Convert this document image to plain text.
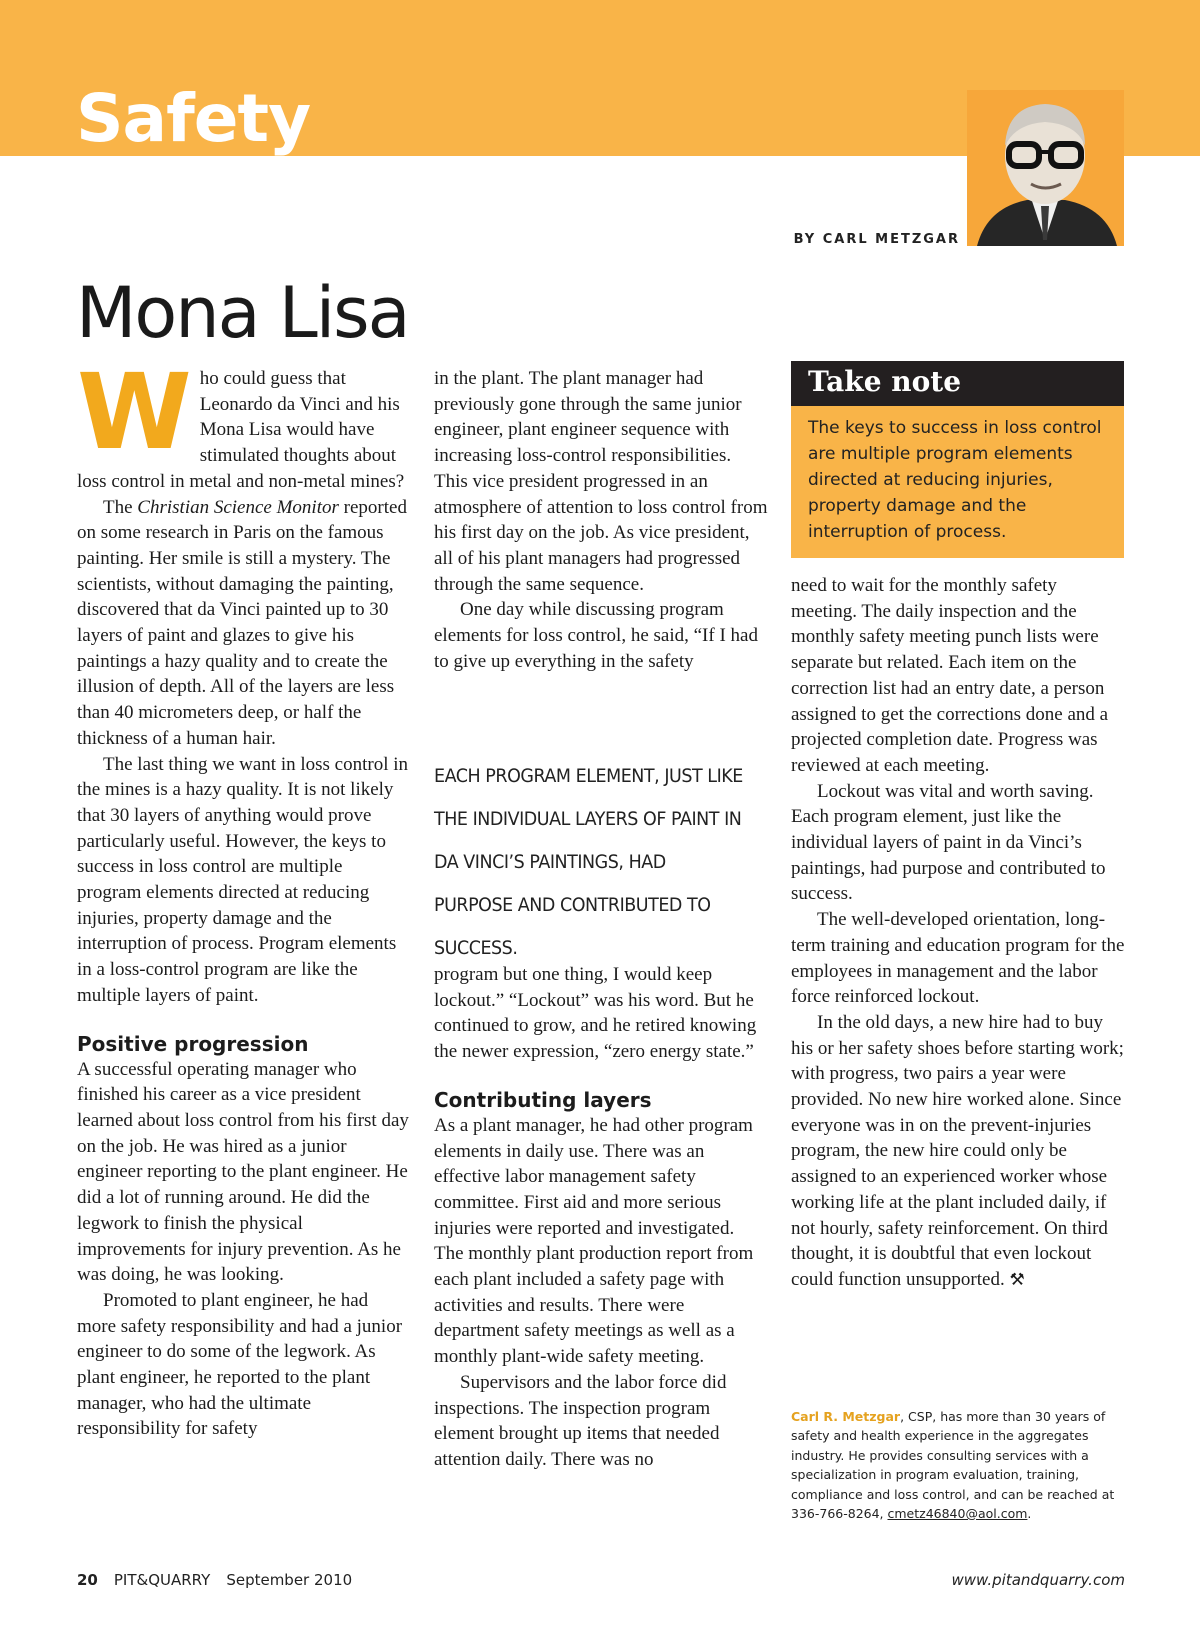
Safety
BY CARL METZGAR
Mona Lisa

Who could guess that Leonardo da Vinci and his Mona Lisa would have stimulated thoughts about loss control in metal and non-metal mines?

The Christian Science Monitor reported on some research in Paris on the famous painting. Her smile is still a mystery. The scientists, without damaging the painting, discovered that da Vinci painted up to 30 layers of paint and glazes to give his paintings a hazy quality and to create the illusion of depth. All of the layers are less than 40 micrometers deep, or half the thickness of a human hair.

The last thing we want in loss control in the mines is a hazy quality. It is not likely that 30 layers of anything would prove particularly useful. However, the keys to success in loss control are multiple program elements directed at reducing injuries, property damage and the interruption of process. Program elements in a loss-control program are like the multiple layers of paint.

Positive progression

A successful operating manager who finished his career as a vice president learned about loss control from his first day on the job. He was hired as a junior engineer reporting to the plant engineer. He did a lot of running around. He did the legwork to finish the physical improvements for injury prevention. As he was doing, he was looking.

Promoted to plant engineer, he had more safety responsibility and had a junior engineer to do some of the legwork. As plant engineer, he reported to the plant manager, who had the ultimate responsibility for safety

in the plant. The plant manager had previously gone through the same junior engineer, plant engineer sequence with increasing loss-control responsibilities. This vice president progressed in an atmosphere of attention to loss control from his first day on the job. As vice president, all of his plant managers had progressed through the same sequence.

One day while discussing program elements for loss control, he said, “If I had to give up everything in the safety

EACH PROGRAM ELEMENT, JUST LIKE THE INDIVIDUAL LAYERS OF PAINT IN DA VINCI’S PAINTINGS, HAD PURPOSE AND CONTRIBUTED TO SUCCESS.

program but one thing, I would keep lockout.” “Lockout” was his word. But he continued to grow, and he retired knowing the newer expression, “zero energy state.”

Contributing layers

As a plant manager, he had other program elements in daily use. There was an effective labor management safety committee. First aid and more serious injuries were reported and investigated. The monthly plant production report from each plant included a safety page with activities and results. There were department safety meetings as well as a monthly plant-wide safety meeting.

Supervisors and the labor force did inspections. The inspection program element brought up items that needed attention daily. There was no

Take note
The keys to success in loss control are multiple program elements directed at reducing injuries, property damage and the interruption of process.

need to wait for the monthly safety meeting. The daily inspection and the monthly safety meeting punch lists were separate but related. Each item on the correction list had an entry date, a person assigned to get the corrections done and a projected completion date. Progress was reviewed at each meeting.

Lockout was vital and worth saving. Each program element, just like the individual layers of paint in da Vinci’s paintings, had purpose and contributed to success.

The well-developed orientation, long-term training and education program for the employees in management and the labor force reinforced lockout.

In the old days, a new hire had to buy his or her safety shoes before starting work; with progress, two pairs a year were provided. No new hire worked alone. Since everyone was in on the prevent-injuries program, the new hire could only be assigned to an experienced worker whose working life at the plant included daily, if not hourly, safety reinforcement. On third thought, it is doubtful that even lockout could function unsupported. ⚒

Carl R. Metzgar, CSP, has more than 30 years of safety and health experience in the aggregates industry. He provides consulting services with a specialization in program evaluation, training, compliance and loss control, and can be reached at 336-766-8264, cmetz46840@aol.com.
20 PIT&QUARRY September 2010	www.pitandquarry.com
